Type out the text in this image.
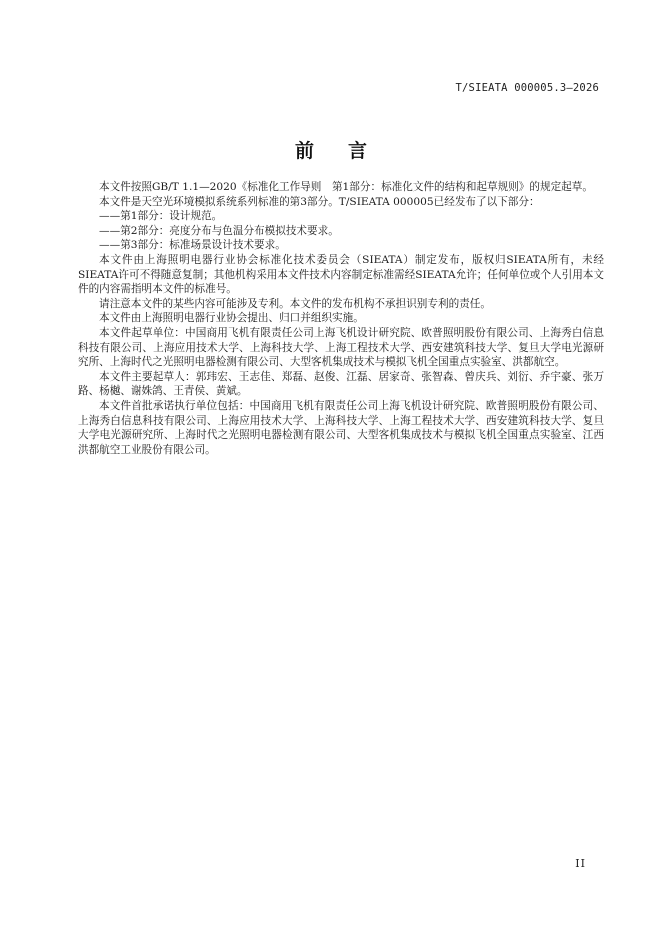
T/SIEATA 000005.3—2026
前言

本文件按照GB/T 1.1—2020《标准化工作导则　第1部分：标准化文件的结构和起草规则》的规定起草。

本文件是天空光环境模拟系统系列标准的第3部分。T/SIEATA 000005已经发布了以下部分：

——第1部分：设计规范。

——第2部分：亮度分布与色温分布模拟技术要求。

——第3部分：标准场景设计技术要求。

本文件由上海照明电器行业协会标准化技术委员会（SIEATA）制定发布，版权归SIEATA所有，未经SIEATA许可不得随意复制；其他机构采用本文件技术内容制定标准需经SIEATA允许；任何单位或个人引用本文件的内容需指明本文件的标准号。

请注意本文件的某些内容可能涉及专利。本文件的发布机构不承担识别专利的责任。

本文件由上海照明电器行业协会提出、归口并组织实施。

本文件起草单位：中国商用飞机有限责任公司上海飞机设计研究院、欧普照明股份有限公司、上海秀白信息科技有限公司、上海应用技术大学、上海科技大学、上海工程技术大学、西安建筑科技大学、复旦大学电光源研究所、上海时代之光照明电器检测有限公司、大型客机集成技术与模拟飞机全国重点实验室、洪都航空。

本文件主要起草人：郭玮宏、王志佳、郑磊、赵俊、江磊、居家奇、张智森、曾庆兵、刘衍、乔宇豪、张万路、杨樾、谢姝鸽、王青侯、黄斌。

本文件首批承诺执行单位包括：中国商用飞机有限责任公司上海飞机设计研究院、欧普照明股份有限公司、上海秀白信息科技有限公司、上海应用技术大学、上海科技大学、上海工程技术大学、西安建筑科技大学、复旦大学电光源研究所、上海时代之光照明电器检测有限公司、大型客机集成技术与模拟飞机全国重点实验室、江西洪都航空工业股份有限公司。

II
